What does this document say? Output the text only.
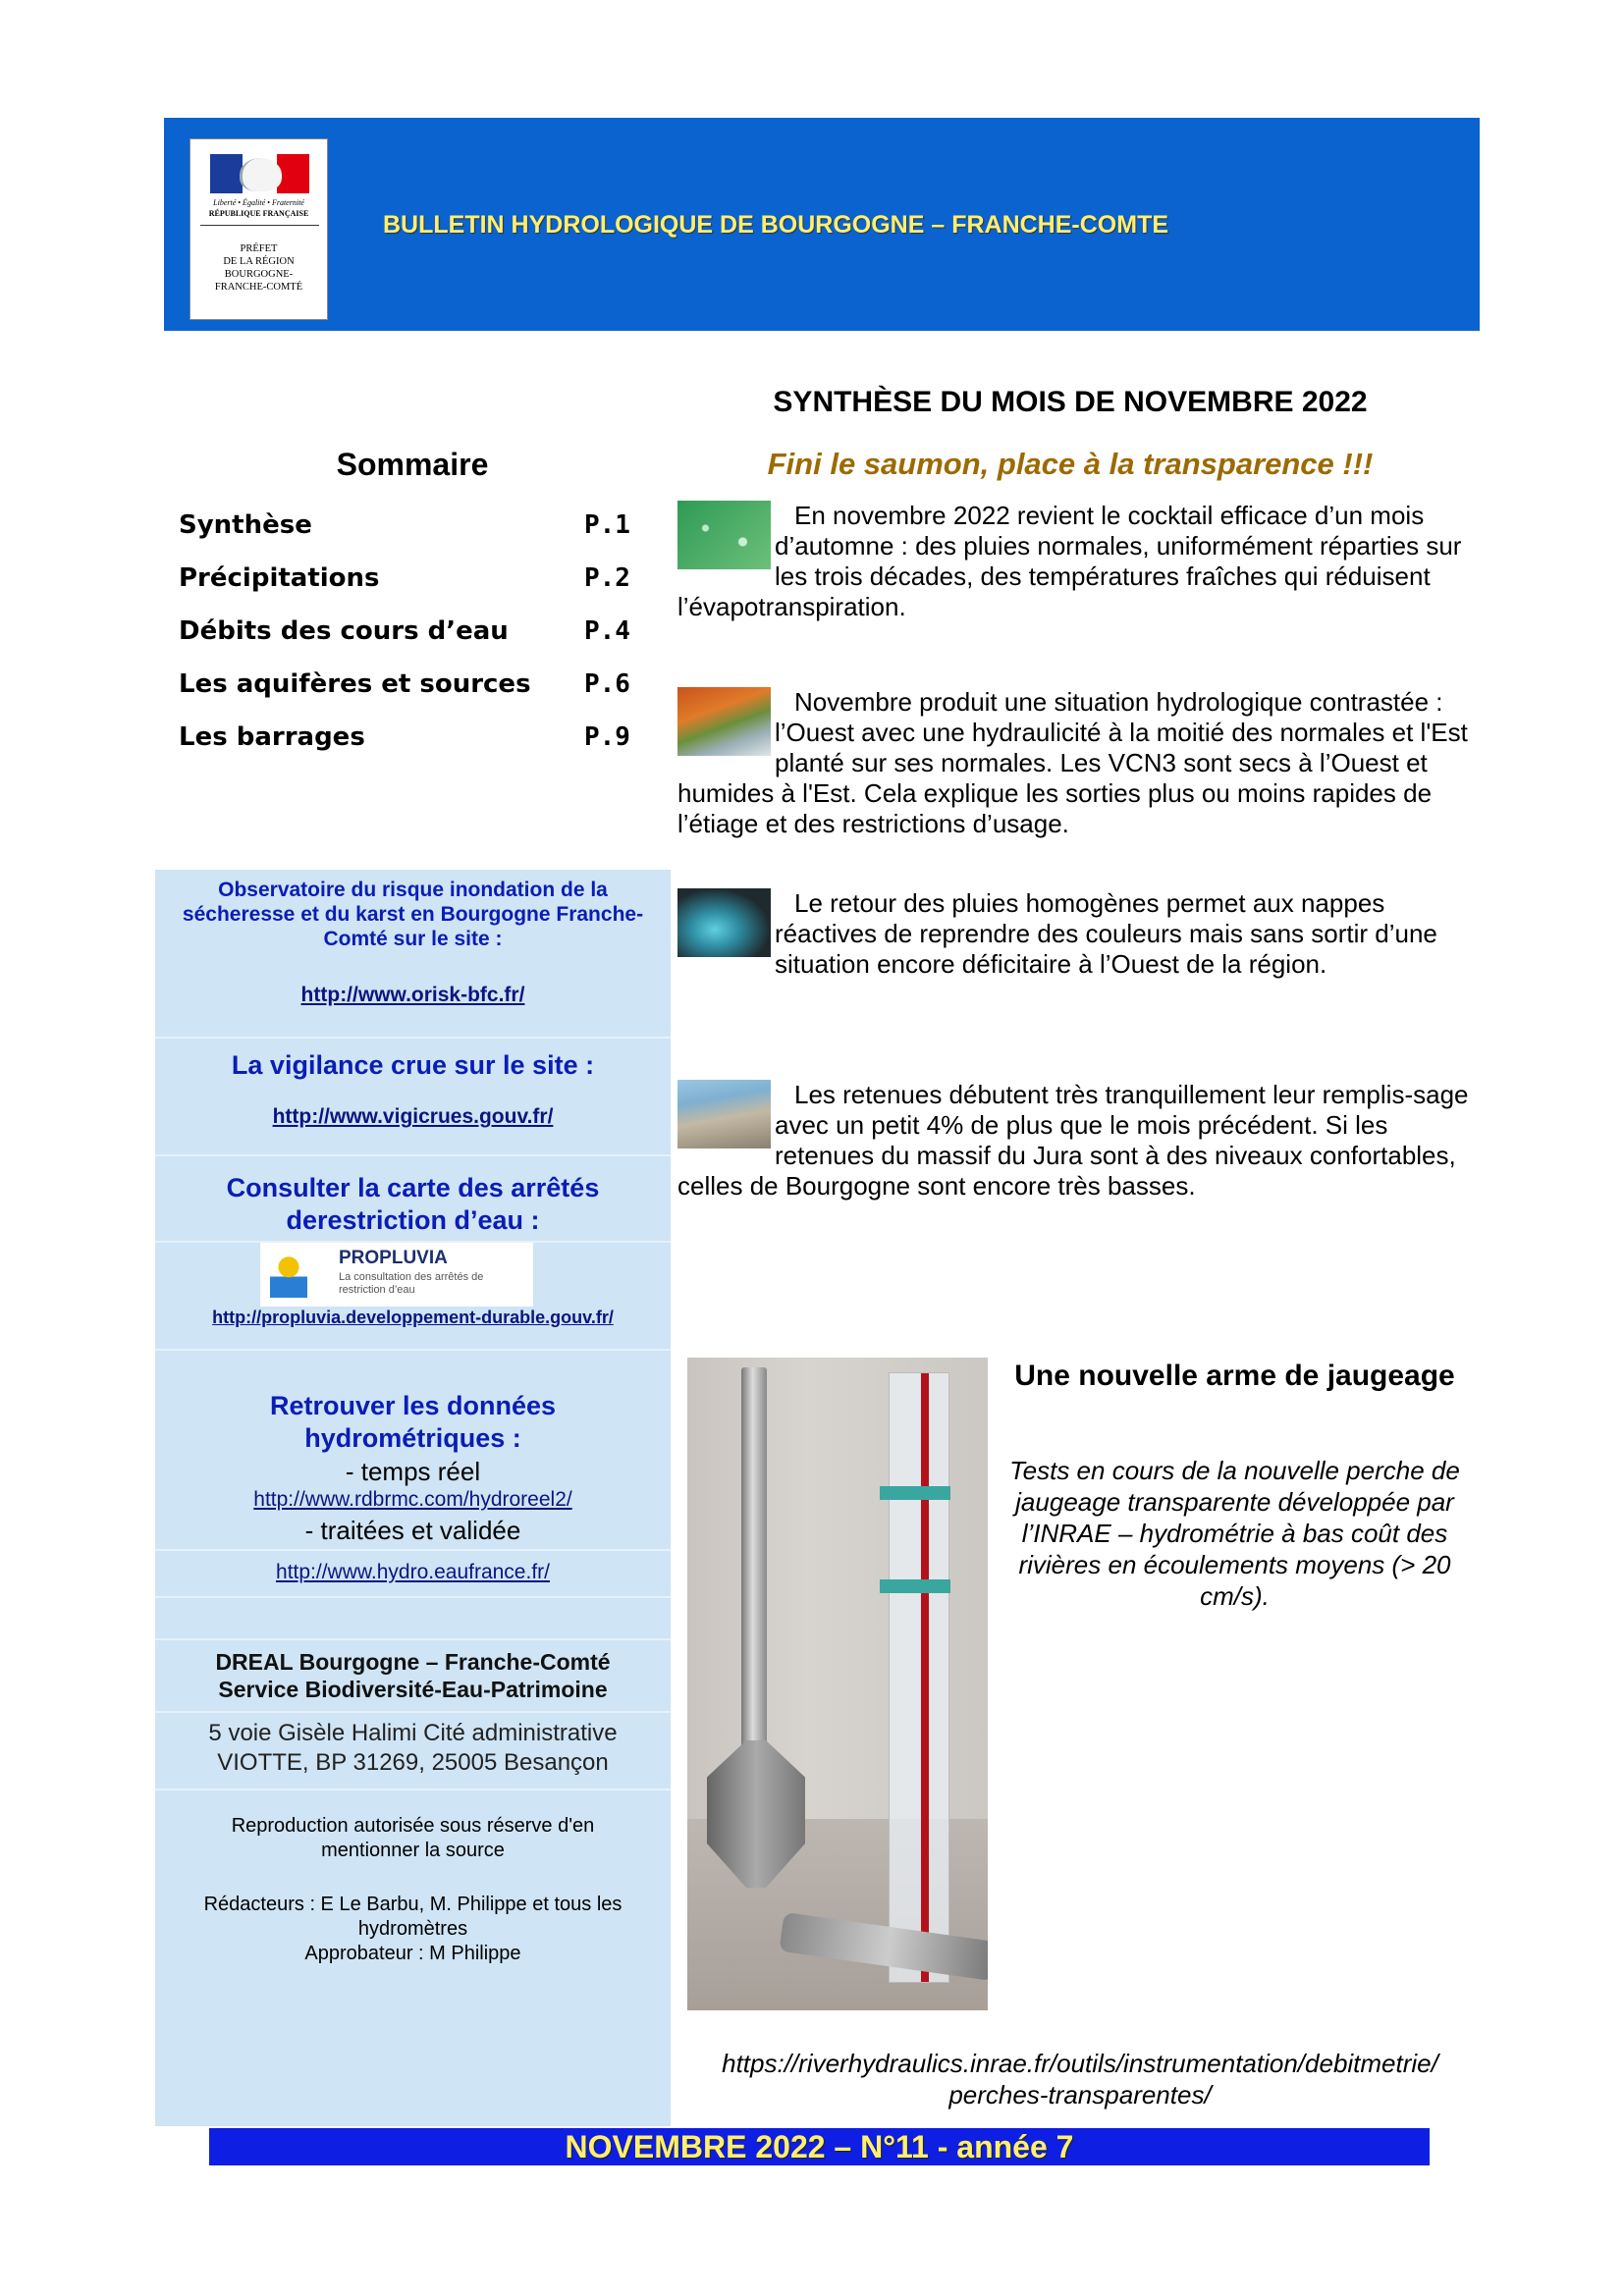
Liberté • Égalité • Fraternité
RÉPUBLIQUE FRANÇAISE
PRÉFET
DE LA RÉGION
BOURGOGNE-
FRANCHE-COMTÉ
BULLETIN HYDROLOGIQUE DE BOURGOGNE – FRANCHE-COMTE
SYNTHÈSE DU MOIS DE NOVEMBRE 2022
Fini le saumon, place à la transparence !!!
Sommaire
Synthèse	P.1
Précipitations	P.2
Débits des cours d’eau	P.4
Les aquifères et sources P.6
Les barrages	P.9
En novembre 2022 revient le cocktail efficace d’un mois d’automne : des pluies normales, uniformément réparties sur les trois décades, des températures fraîches qui réduisent l’évapotranspiration.
Novembre produit une situation hydrologique contrastée : l’Ouest avec une hydraulicité à la moitié des normales et l'Est planté sur ses normales. Les VCN3 sont secs à l’Ouest et humides à l'Est. Cela explique les sorties plus ou moins rapides de l’étiage et des restrictions d’usage.
Le retour des pluies homogènes permet aux nappes réactives de reprendre des couleurs mais sans sortir d’une situation encore déficitaire à l’Ouest de la région.
Les retenues débutent très tranquillement leur remplis-sage avec un petit 4% de plus que le mois précédent. Si les retenues du massif du Jura sont à des niveaux confortables, celles de Bourgogne sont encore très basses.
Observatoire du risque inondation de la sécheresse et du karst en Bourgogne Franche-Comté sur le site :
http://www.orisk-bfc.fr/
La vigilance crue sur le site :
http://www.vigicrues.gouv.fr/
Consulter la carte des arrêtés derestriction d’eau :
PROPLUVIA
La consultation des arrêtés de restriction d’eau
http://propluvia.developpement-durable.gouv.fr/
Retrouver les données hydrométriques :
- temps réel
http://www.rdbrmc.com/hydroreel2/
- traitées et validée
http://www.hydro.eaufrance.fr/
DREAL Bourgogne – Franche-Comté
Service Biodiversité-Eau-Patrimoine
5 voie Gisèle Halimi Cité administrative
VIOTTE, BP 31269, 25005 Besançon
Reproduction autorisée sous réserve d'en mentionner la source
Rédacteurs : E Le Barbu, M. Philippe et tous les hydromètres
Approbateur : M Philippe
Une nouvelle arme de jaugeage
Tests en cours de la nouvelle perche de jaugeage transparente développée par l’INRAE – hydrométrie à bas coût des rivières en écoulements moyens (> 20 cm/s).
https://riverhydraulics.inrae.fr/outils/instrumentation/debitmetrie/
perches-transparentes/
NOVEMBRE 2022 – N°11 - année 7
